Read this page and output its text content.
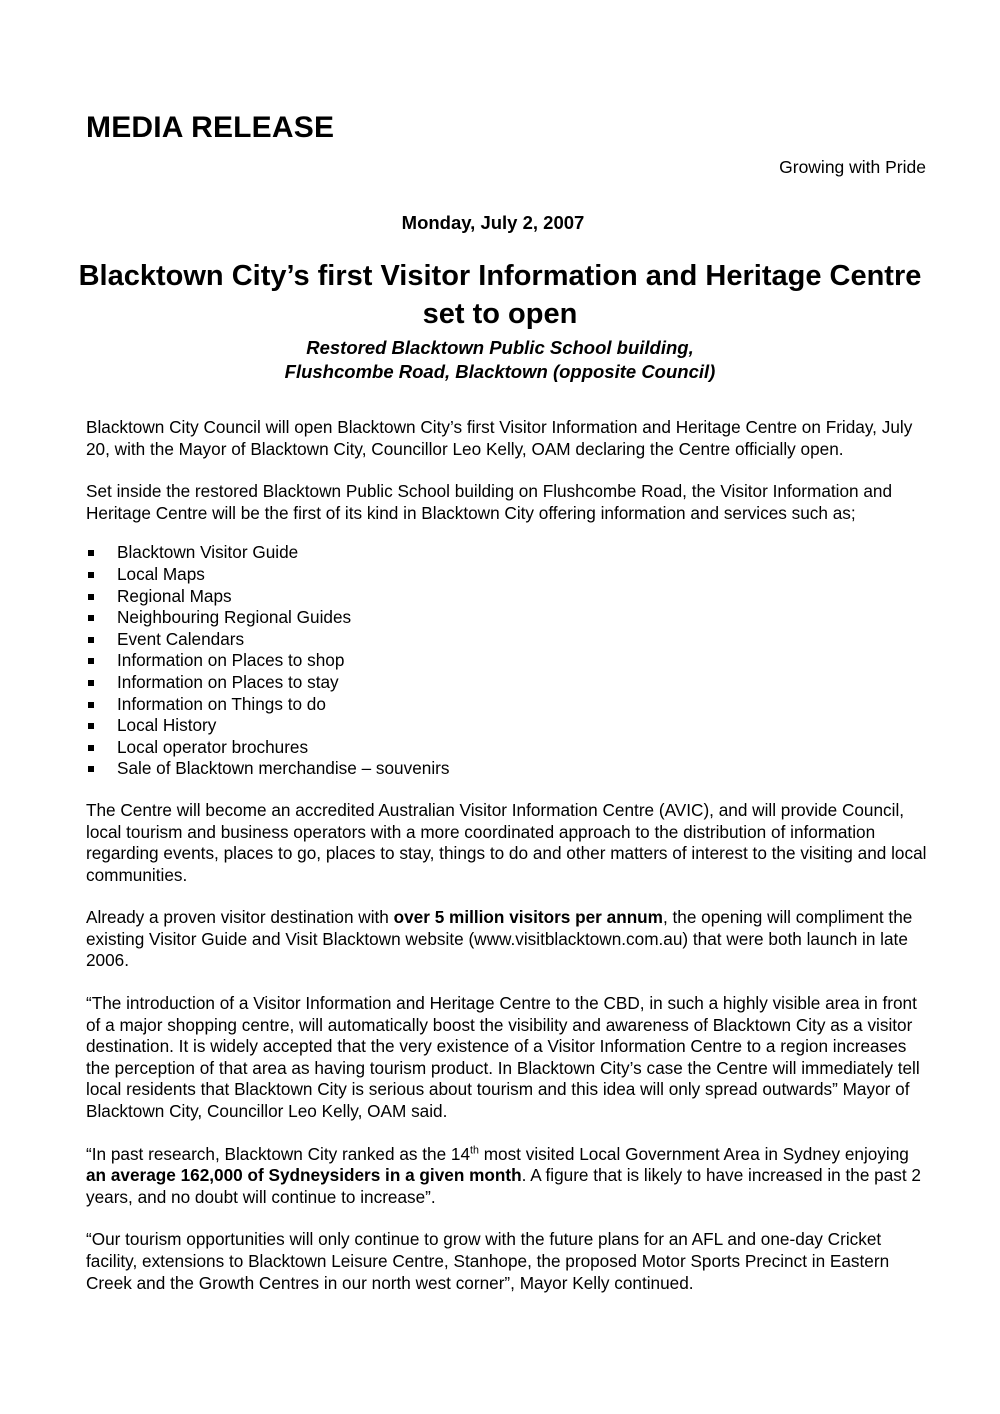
MEDIA RELEASE
Growing with Pride
Monday, July 2, 2007
Blacktown City’s first Visitor Information and Heritage Centre set to open
Restored Blacktown Public School building,
Flushcombe Road, Blacktown (opposite Council)

Blacktown City Council will open Blacktown City’s first Visitor Information and Heritage Centre on Friday, July 20, with the Mayor of Blacktown City, Councillor Leo Kelly, OAM declaring the Centre officially open.

Set inside the restored Blacktown Public School building on Flushcombe Road, the Visitor Information and Heritage Centre will be the first of its kind in Blacktown City offering information and services such as;

Blacktown Visitor Guide
Local Maps
Regional Maps
Neighbouring Regional Guides
Event Calendars
Information on Places to shop
Information on Places to stay
Information on Things to do
Local History
Local operator brochures
Sale of Blacktown merchandise – souvenirs

The Centre will become an accredited Australian Visitor Information Centre (AVIC), and will provide Council, local tourism and business operators with a more coordinated approach to the distribution of information regarding events, places to go, places to stay, things to do and other matters of interest to the visiting and local communities.

Already a proven visitor destination with over 5 million visitors per annum, the opening will compliment the existing Visitor Guide and Visit Blacktown website (www.visitblacktown.com.au) that were both launch in late 2006.

“The introduction of a Visitor Information and Heritage Centre to the CBD, in such a highly visible area in front of a major shopping centre, will automatically boost the visibility and awareness of Blacktown City as a visitor destination. It is widely accepted that the very existence of a Visitor Information Centre to a region increases the perception of that area as having tourism product. In Blacktown City’s case the Centre will immediately tell local residents that Blacktown City is serious about tourism and this idea will only spread outwards” Mayor of Blacktown City, Councillor Leo Kelly, OAM said.

“In past research, Blacktown City ranked as the 14th most visited Local Government Area in Sydney enjoying an average 162,000 of Sydneysiders in a given month. A figure that is likely to have increased in the past 2 years, and no doubt will continue to increase”.

“Our tourism opportunities will only continue to grow with the future plans for an AFL and one-day Cricket facility, extensions to Blacktown Leisure Centre, Stanhope, the proposed Motor Sports Precinct in Eastern Creek and the Growth Centres in our north west corner”, Mayor Kelly continued.
